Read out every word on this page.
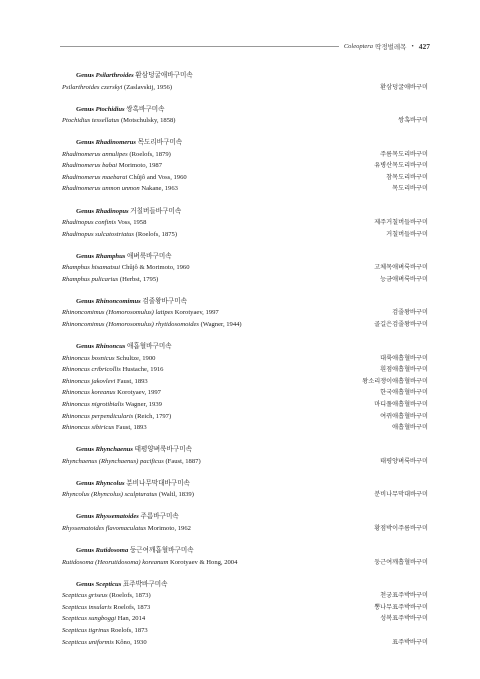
Coleoptera 딱정벌레목 • 427
Genus Psilarthroides 환삼덩굴애바구미속
Psilarthroides czerskyi (Zaslavskij, 1956)	환삼덩굴애바구미
Genus Ptochidius 쌍혹바구미속
Ptochidius tessellatus (Motschulsky, 1858)	쌍혹바구미
Genus Rhadinomerus 목도리바구미속
Rhadinomerus annulipes (Roelofs, 1879)	주름목도리바구미
Rhadinomerus babai Morimoto, 1987	유병산목도리바구미
Rhadinomerus maebarai Chûjô and Voss, 1960	참목도리바구미
Rhadinomerus unmon unmon Nakane, 1963	목도리바구미
Genus Rhadinopus 거칠버들바구미속
Rhadinopus confinis Voss, 1958	제주거칠버들바구미
Rhadinopus sulcatostriatus (Roelofs, 1875)	거칠버들바구미
Genus Rhamphus 애벼룩바구미속
Rhamphus hisamatsui Chûjô & Morimoto, 1960	고체목애벼룩바구미
Rhamphus pulicarius (Herbst, 1795)	능금애벼룩바구미
Genus Rhinoncomimus 검줄왕바구미속
Rhinoncomimus (Homorosomulus) latipes Korotyaev, 1997	검줄왕바구미
Rhinoncomimus (Homorosomulus) rhytidosomoides (Wagner, 1944)	골길은검줄왕바구미
Genus Rhinoncus 애흡혈바구미속
Rhinoncus bosnicus Schultze, 1900	대륙애흡혈바구미
Rhinoncus cribricollis Hustache, 1916	흰점애흡혈바구미
Rhinoncus jakovlevi Faust, 1893	왕소리쟁이애흡혈바구미
Rhinoncus koreanus Korotyaev, 1997	한국애흡혈바구미
Rhinoncus nigrotibialis Wagner, 1939	마디풀애흡혈바구미
Rhinoncus perpendicularis (Reich, 1797)	여뀌애흡혈바구미
Rhinoncus sibiricus Faust, 1893	애흡혈바구미
Genus Rhynchaenus 태평양벼룩바구미속
Rhynchaenus (Rhynchaenus) pacificus (Faust, 1887)	태평양벼룩바구미
Genus Rhyncolus 분비나무막대바구미속
Rhyncolus (Rhyncolus) sculpturatus (Waltl, 1839)	분비나무막대바구미
Genus Rhyssematoides 주름바구미속
Rhyssematoides flavomaculatus Morimoto, 1962	황점박이주름바구미
Genus Rutidosoma 둥근여깨흡혈바구미속
Rutidosoma (Heorutidosoma) koreanum Korotyaev & Hong, 2004	둥근여깨흡혈바구미
Genus Scepticus 표주박바구미속
Scepticus griseus (Roelofs, 1873)	천궁표주박바구미
Scepticus insularis Roelofs, 1873	뽕나무표주박바구미
Scepticus sungboggi Han, 2014	성복표주박바구미
Scepticus tigrinus Roelofs, 1873
Scepticus uniformis Kôno, 1930	표주박바구미
